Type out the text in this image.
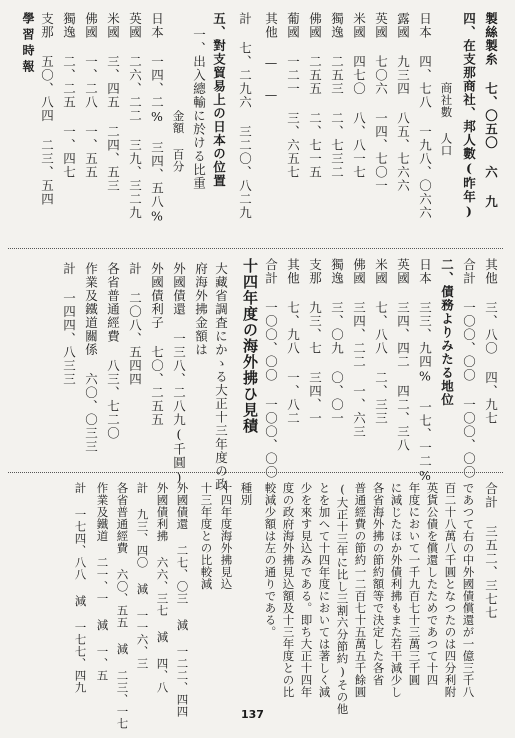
學習時報	製絲製糸 七、〇五〇 六 九
四、在支那商社、邦人數(昨年)
商社數 人口
日本 四、七八 一九八、〇六六
露國 九三四 八五、七六六
英國 七〇六 一四、七〇一
米國 四七〇 八、八一七
獨逸 二五三 二、七三二
佛國 二五五 二、七一五
葡國 一二一 三、六五七
其他 — —
計 七、二九六 三二〇、八二九
五、對支貿易上の日本の位置
一、出入總輸に於ける比重
金額 百分
日本 一四、二% 三四、五八%
英國 二六、二二 三九、三二九
米國 三、四五 二四、五三
佛國 一、二八 一、五五
獨逸 二、二五 一、四七
支那 五〇、八四 二三、五四
其他 三、八〇 四、九七
合計 一〇〇、〇〇 一〇〇、〇〇
二、債務よりみたる地位
日本 三三、九四% 一七、一二%
英國 三四、四二 四二、三八
米國 七、八八 二、三三
佛國 三四、二二 一、六三
獨逸 三、〇九 〇、〇一
支那 九三、七 三四、一
其他 七、九八 一、八二
合計 一〇〇、〇〇 一〇〇、〇〇
十四年度の海外拂ひ見積
大藏省調査にかゝる大正十三年度の政
府海外拂金額は
外國債還 一三八、二八九(千圓)
外國債利子 七〇、二五五
計 二〇八、五四四
各省普通經費 八三、七二〇
作業及鐵道關係 六〇、〇三三
計 一四四、八三三
合計 三五二、三七七
であつて右の中外國債償還が一億三千八
百二十八萬八千圓となつたのは四分利附
英貨公債を償還したためであつて十四
年度において一千九百七十三萬三千圓
に減じたほか外債利拂もまた若干減少し
各省海外拂の節約額等で決定した各省
普通經費の節約一二百七十五萬五千餘圓
(大正十三年に比し三割六分節約)その他
とを加へて十四年度においては著しく減
少を來す見込みである。即ち大正十四年
度の政府海外拂見込額及十三年度との比
較減少額は左の通りである。
種別
十四年度海外拂見込
十三年度との比較減
外國債還 二七、〇三 減 一二二、四四
外國債利拂 六六、三七 減 四、八
計 九三、四〇 減 一一六、三
各省普通經費 六〇、五五 減 二三、一七
作業及鐵道 二一、一 減 一、五
計 一七四、八八 減 一七七、四九
137
